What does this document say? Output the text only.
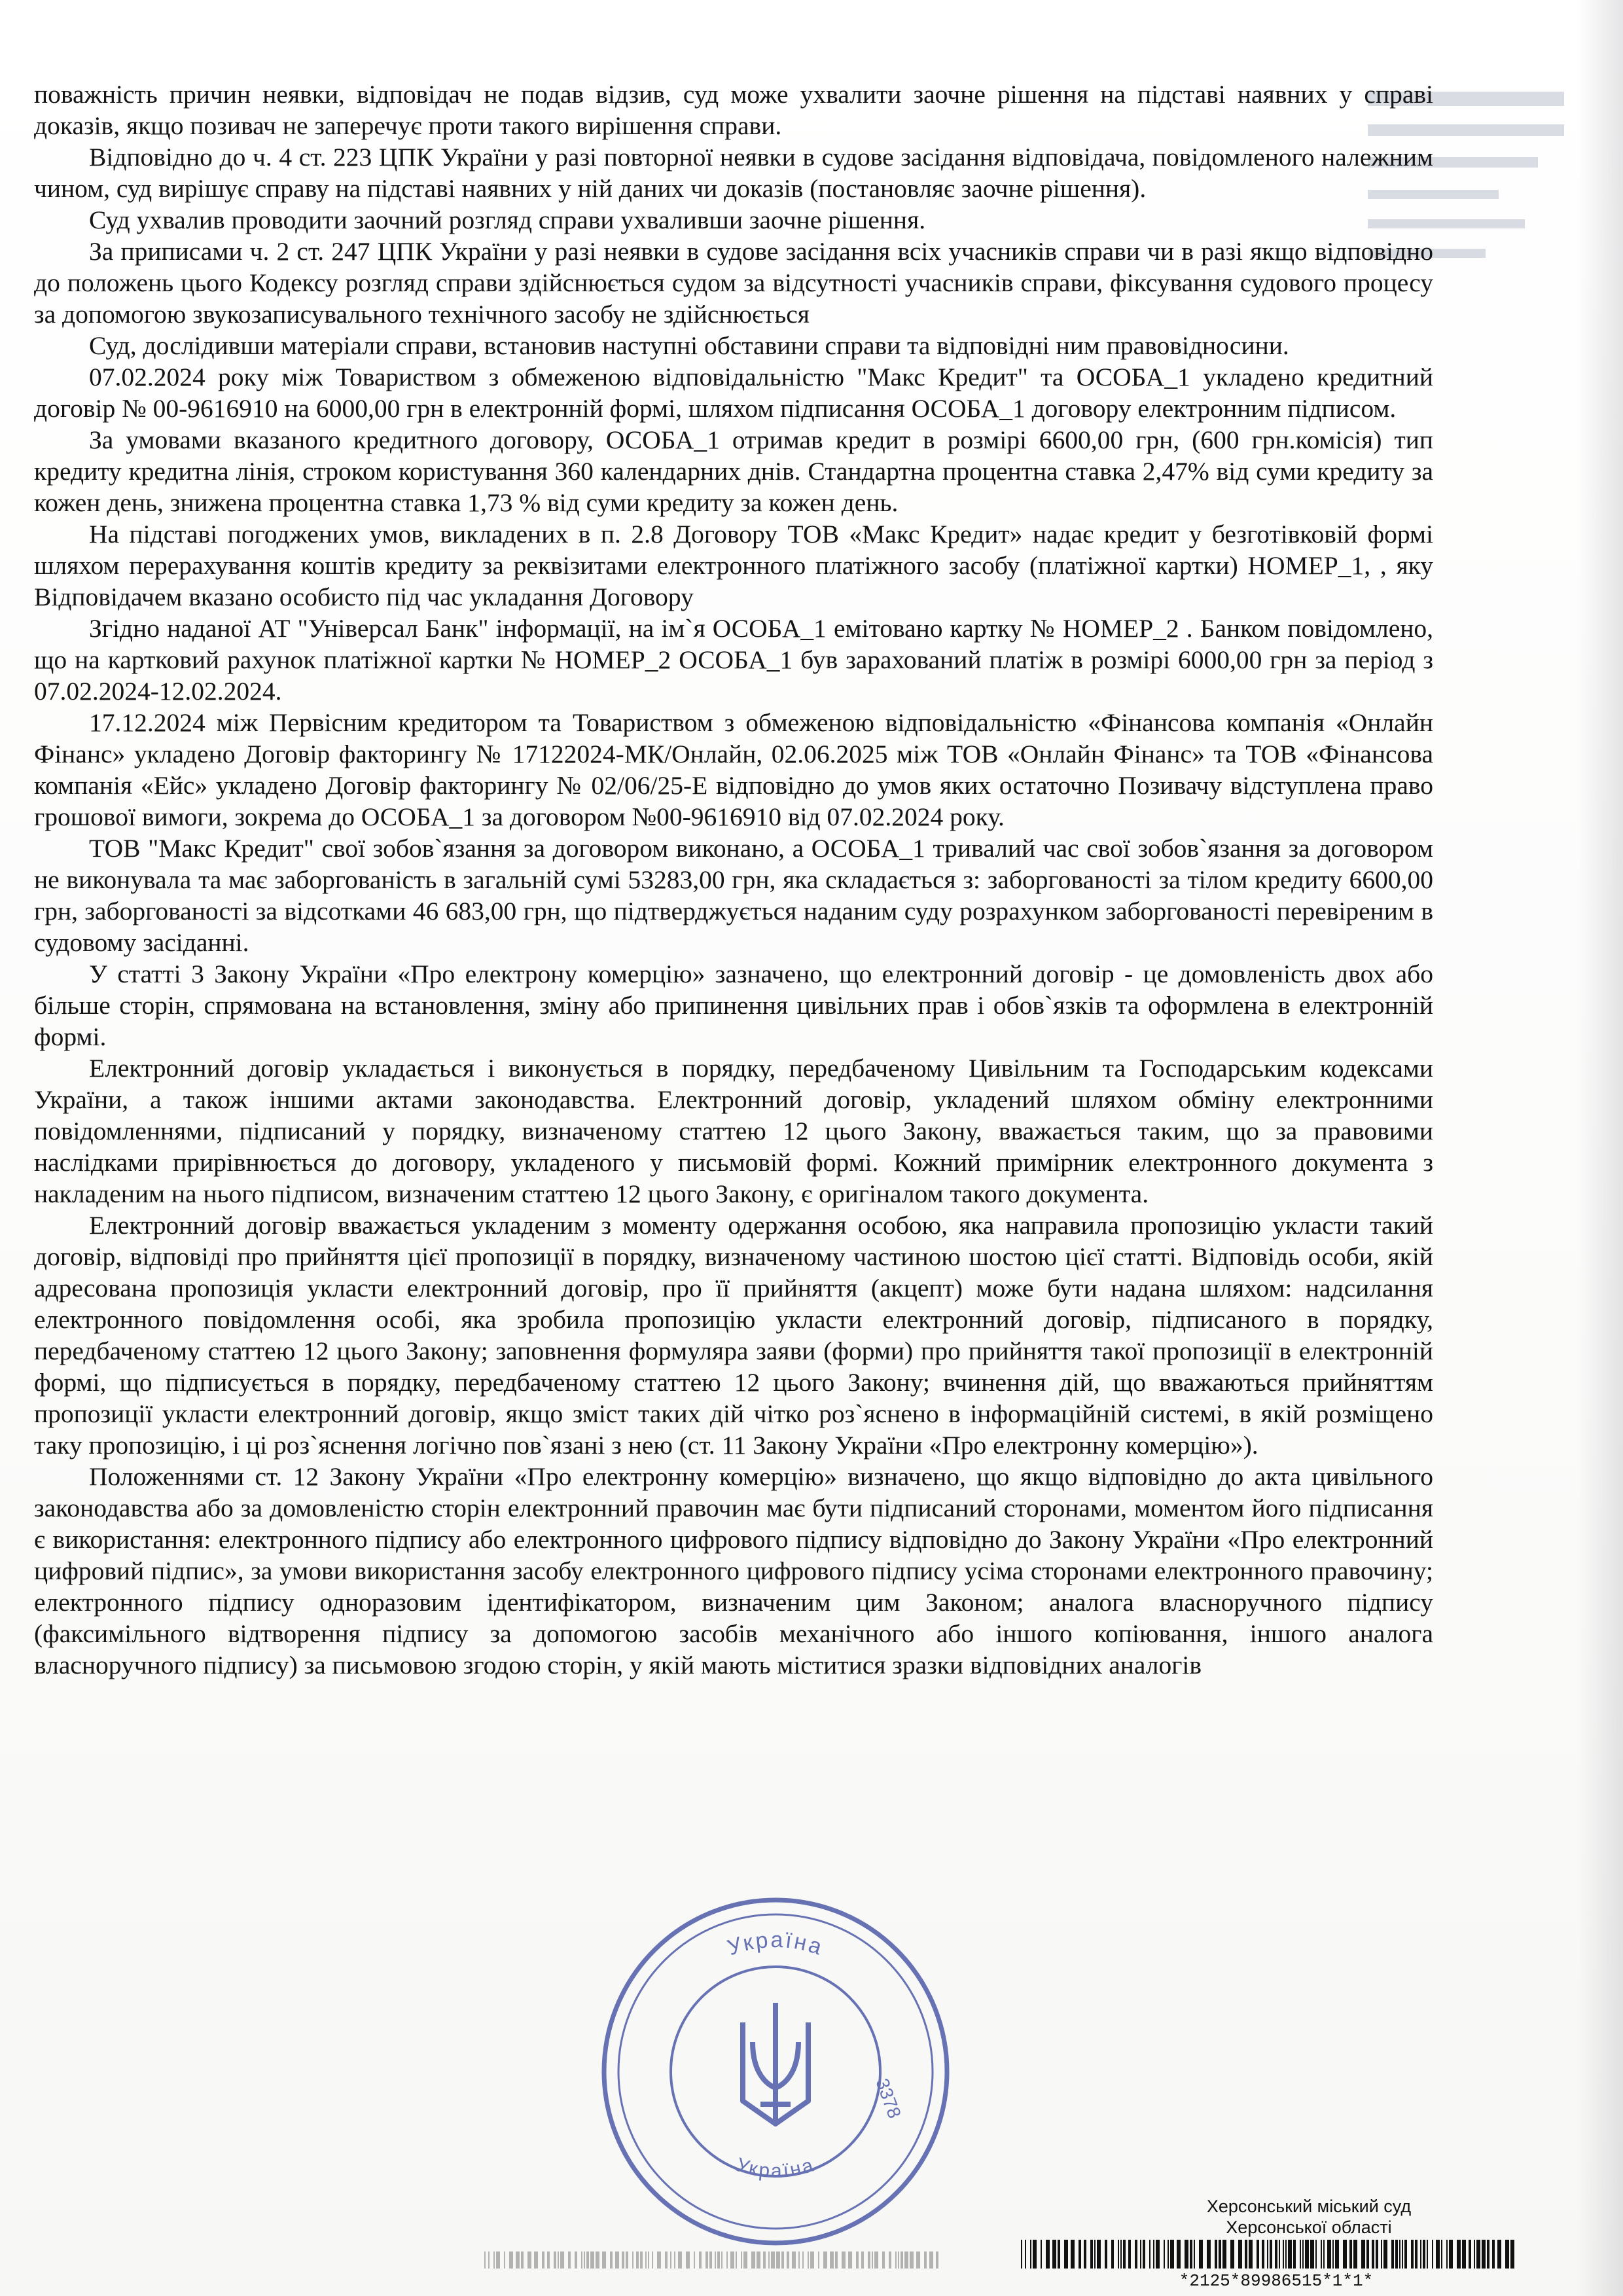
поважність причин неявки, відповідач не подав відзив, суд може ухвалити заочне рішення на підставі наявних у справі доказів, якщо позивач не заперечує проти такого вирішення справи.

Відповідно до ч. 4 ст. 223 ЦПК України у разі повторної неявки в судове засідання відповідача, повідомленого належним чином, суд вирішує справу на підставі наявних у ній даних чи доказів (постановляє заочне рішення).

Суд ухвалив проводити заочний розгляд справи ухваливши заочне рішення.

За приписами ч. 2 ст. 247 ЦПК України у разі неявки в судове засідання всіх учасників справи чи в разі якщо відповідно до положень цього Кодексу розгляд справи здійснюється судом за відсутності учасників справи, фіксування судового процесу за допомогою звукозаписувального технічного засобу не здійснюється

Суд, дослідивши матеріали справи, встановив наступні обставини справи та відповідні ним правовідносини.

07.02.2024 року між Товариством з обмеженою відповідальністю "Макс Кредит" та ОСОБА_1 укладено кредитний договір № 00-9616910 на 6000,00 грн в електронній формі, шляхом підписання ОСОБА_1 договору електронним підписом.

За умовами вказаного кредитного договору, ОСОБА_1 отримав кредит в розмірі 6600,00 грн, (600 грн.комісія) тип кредиту кредитна лінія, строком користування 360 календарних днів. Стандартна процентна ставка 2,47% від суми кредиту за кожен день, знижена процентна ставка 1,73 % від суми кредиту за кожен день.

На підставі погоджених умов, викладених в п. 2.8 Договору ТОВ «Макс Кредит» надає кредит у безготівковій формі шляхом перерахування коштів кредиту за реквізитами електронного платіжного засобу (платіжної картки) НОМЕР_1, , яку Відповідачем вказано особисто під час укладання Договору

Згідно наданої АТ "Універсал Банк" інформації, на ім`я ОСОБА_1 емітовано картку № НОМЕР_2 . Банком повідомлено, що на картковий рахунок платіжної картки № НОМЕР_2 ОСОБА_1 був зарахований платіж в розмірі 6000,00 грн за період з 07.02.2024-12.02.2024.

17.12.2024 між Первісним кредитором та Товариством з обмеженою відповідальністю «Фінансова компанія «Онлайн Фінанс» укладено Договір факторингу № 17122024-МК/Онлайн, 02.06.2025 між ТОВ «Онлайн Фінанс» та ТОВ «Фінансова компанія «Ейс» укладено Договір факторингу № 02/06/25-Е відповідно до умов яких остаточно Позивачу відступлена право грошової вимоги, зокрема до ОСОБА_1 за договором №00-9616910 від 07.02.2024 року.

ТОВ "Макс Кредит" свої зобов`язання за договором виконано, а ОСОБА_1 тривалий час свої зобов`язання за договором не виконувала та має заборгованість в загальній сумі 53283,00 грн, яка складається з: заборгованості за тілом кредиту 6600,00 грн, заборгованості за відсотками 46 683,00 грн, що підтверджується наданим суду розрахунком заборгованості перевіреним в судовому засіданні.

У статті 3 Закону України «Про електрону комерцію» зазначено, що електронний договір - це домовленість двох або більше сторін, спрямована на встановлення, зміну або припинення цивільних прав і обов`язків та оформлена в електронній формі.

Електронний договір укладається і виконується в порядку, передбаченому Цивільним та Господарським кодексами України, а також іншими актами законодавства. Електронний договір, укладений шляхом обміну електронними повідомленнями, підписаний у порядку, визначеному статтею 12 цього Закону, вважається таким, що за правовими наслідками прирівнюється до договору, укладеного у письмовій формі. Кожний примірник електронного документа з накладеним на нього підписом, визначеним статтею 12 цього Закону, є оригіналом такого документа.

Електронний договір вважається укладеним з моменту одержання особою, яка направила пропозицію укласти такий договір, відповіді про прийняття цієї пропозиції в порядку, визначеному частиною шостою цієї статті. Відповідь особи, якій адресована пропозиція укласти електронний договір, про її прийняття (акцепт) може бути надана шляхом: надсилання електронного повідомлення особі, яка зробила пропозицію укласти електронний договір, підписаного в порядку, передбаченому статтею 12 цього Закону; заповнення формуляра заяви (форми) про прийняття такої пропозиції в електронній формі, що підписується в порядку, передбаченому статтею 12 цього Закону; вчинення дій, що вважаються прийняттям пропозиції укласти електронний договір, якщо зміст таких дій чітко роз`яснено в інформаційній системі, в якій розміщено таку пропозицію, і ці роз`яснення логічно пов`язані з нею (ст. 11 Закону України «Про електронну комерцію»).

Положеннями ст. 12 Закону України «Про електронну комерцію» визначено, що якщо відповідно до акта цивільного законодавства або за домовленістю сторін електронний правочин має бути підписаний сторонами, моментом його підписання є використання: електронного підпису або електронного цифрового підпису відповідно до Закону України «Про електронний цифровий підпис», за умови використання засобу електронного цифрового підпису усіма сторонами електронного правочину; електронного підпису одноразовим ідентифікатором, визначеним цим Законом; аналога власноручного підпису (факсимільного відтворення підпису за допомогою засобів механічного або іншого копіювання, іншого аналога власноручного підпису) за письмовою згодою сторін, у якій мають міститися зразки відповідних аналогів

Україна
Україна
3378
Херсонський міський суд
Херсонської області
*2125*89986515*1*1*
